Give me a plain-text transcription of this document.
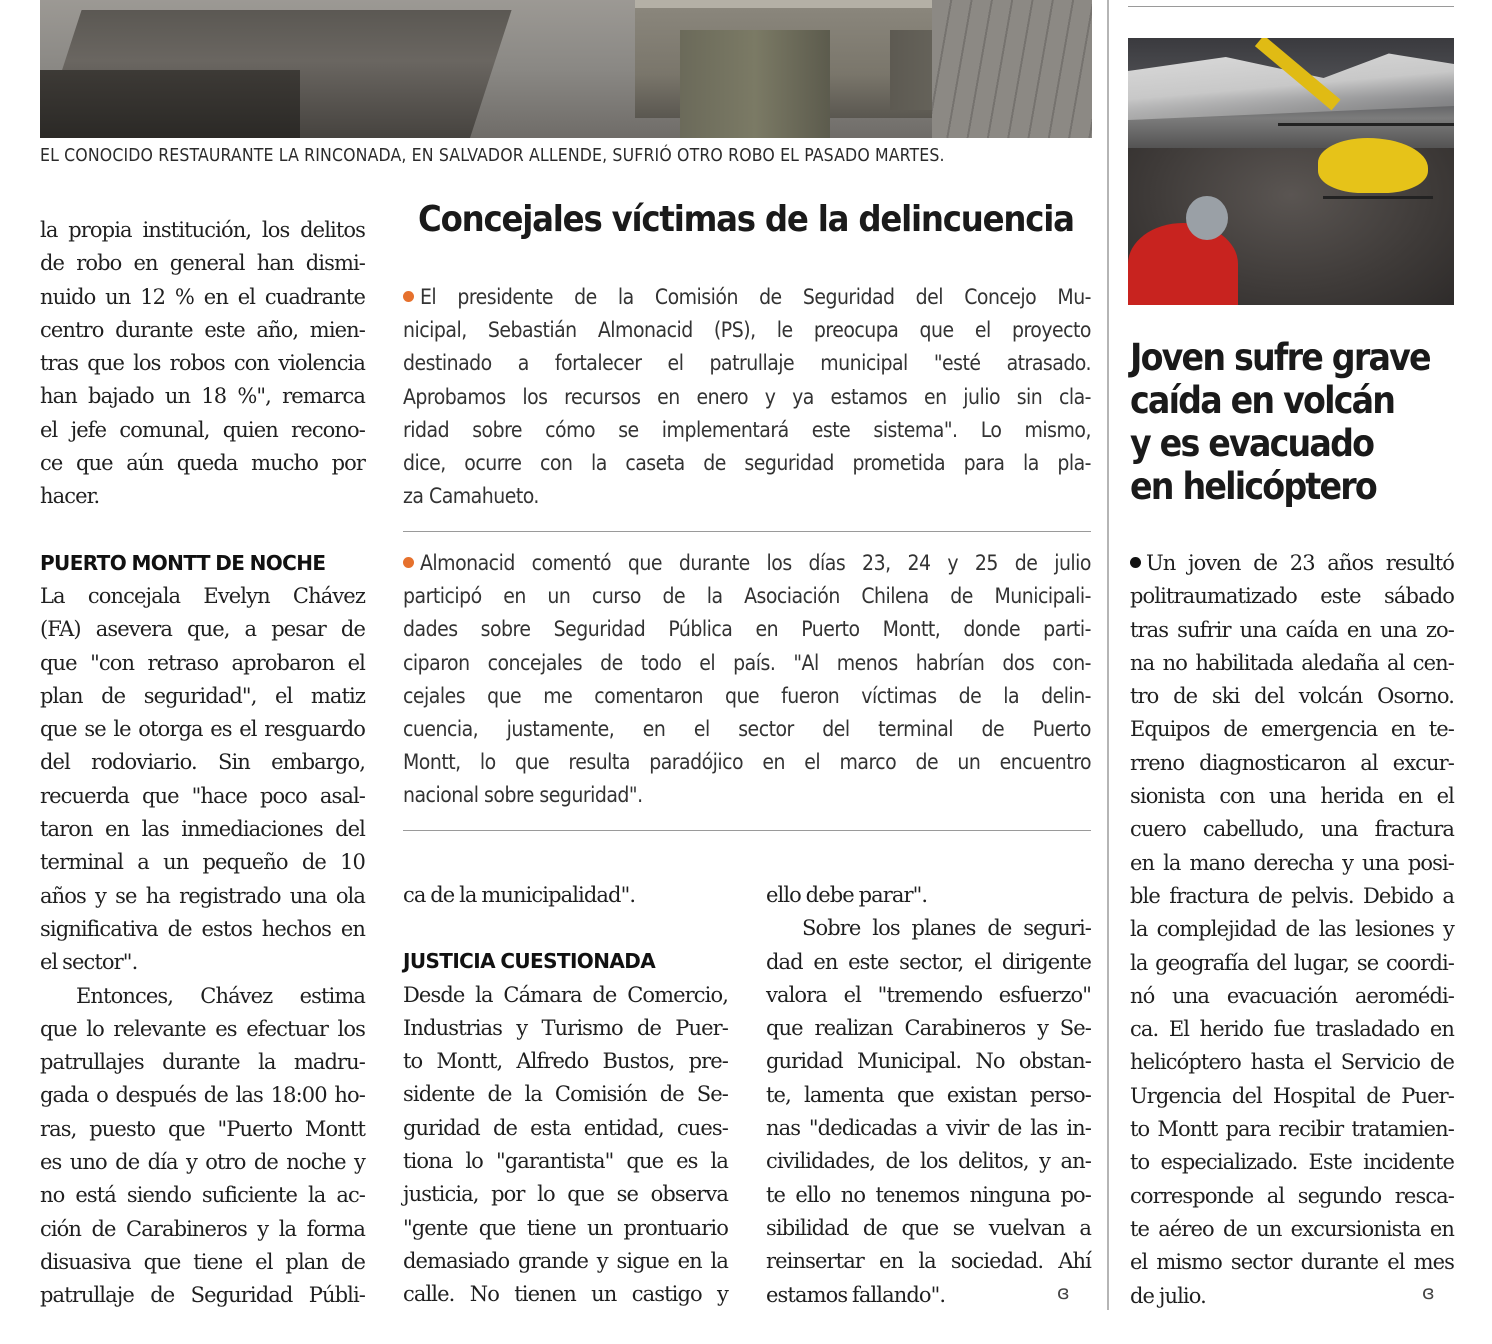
EL CONOCIDO RESTAURANTE LA RINCONADA, EN SALVADOR ALLENDE, SUFRIÓ OTRO ROBO EL PASADO MARTES.
la propia institución, los delitos
de robo en general han dismi-
nuido un 12 % en el cuadrante
centro durante este año, mien-
tras que los robos con violencia
han bajado un 18 %", remarca
el jefe comunal, quien recono-
ce que aún queda mucho por
hacer.
PUERTO MONTT DE NOCHE
La concejala Evelyn Chávez
(FA) asevera que, a pesar de
que "con retraso aprobaron el
plan de seguridad", el matiz
que se le otorga es el resguardo
del rodoviario. Sin embargo,
recuerda que "hace poco asal-
taron en las inmediaciones del
terminal a un pequeño de 10
años y se ha registrado una ola
significativa de estos hechos en
el sector".
Entonces, Chávez estima
que lo relevante es efectuar los
patrullajes durante la madru-
gada o después de las 18:00 ho-
ras, puesto que "Puerto Montt
es uno de día y otro de noche y
no está siendo suficiente la ac-
ción de Carabineros y la forma
disuasiva que tiene el plan de
patrullaje de Seguridad Públi-
Concejales víctimas de la delincuencia
El presidente de la Comisión de Seguridad del Concejo Mu-
nicipal, Sebastián Almonacid (PS), le preocupa que el proyecto
destinado a fortalecer el patrullaje municipal "esté atrasado.
Aprobamos los recursos en enero y ya estamos en julio sin cla-
ridad sobre cómo se implementará este sistema". Lo mismo,
dice, ocurre con la caseta de seguridad prometida para la pla-
za Camahueto.
Almonacid comentó que durante los días 23, 24 y 25 de julio
participó en un curso de la Asociación Chilena de Municipali-
dades sobre Seguridad Pública en Puerto Montt, donde parti-
ciparon concejales de todo el país. "Al menos habrían dos con-
cejales que me comentaron que fueron víctimas de la delin-
cuencia, justamente, en el sector del terminal de Puerto
Montt, lo que resulta paradójico en el marco de un encuentro
nacional sobre seguridad".
ca de la municipalidad".
JUSTICIA CUESTIONADA
Desde la Cámara de Comercio,
Industrias y Turismo de Puer-
to Montt, Alfredo Bustos, pre-
sidente de la Comisión de Se-
guridad de esta entidad, cues-
tiona lo "garantista" que es la
justicia, por lo que se observa
"gente que tiene un prontuario
demasiado grande y sigue en la
calle. No tienen un castigo y
ello debe parar".
Sobre los planes de seguri-
dad en este sector, el dirigente
valora el "tremendo esfuerzo"
que realizan Carabineros y Se-
guridad Municipal. No obstan-
te, lamenta que existan perso-
nas "dedicadas a vivir de las in-
civilidades, de los delitos, y an-
te ello no tenemos ninguna po-
sibilidad de que se vuelvan a
reinsertar en la sociedad. Ahí
estamos fallando".	ɞ
Joven sufre grave
caída en volcán
y es evacuado
en helicóptero
Un joven de 23 años resultó
politraumatizado este sábado
tras sufrir una caída en una zo-
na no habilitada aledaña al cen-
tro de ski del volcán Osorno.
Equipos de emergencia en te-
rreno diagnosticaron al excur-
sionista con una herida en el
cuero cabelludo, una fractura
en la mano derecha y una posi-
ble fractura de pelvis. Debido a
la complejidad de las lesiones y
la geografía del lugar, se coordi-
nó una evacuación aeromédi-
ca. El herido fue trasladado en
helicóptero hasta el Servicio de
Urgencia del Hospital de Puer-
to Montt para recibir tratamien-
to especializado. Este incidente
corresponde al segundo resca-
te aéreo de un excursionista en
el mismo sector durante el mes
de julio.	ɞ
